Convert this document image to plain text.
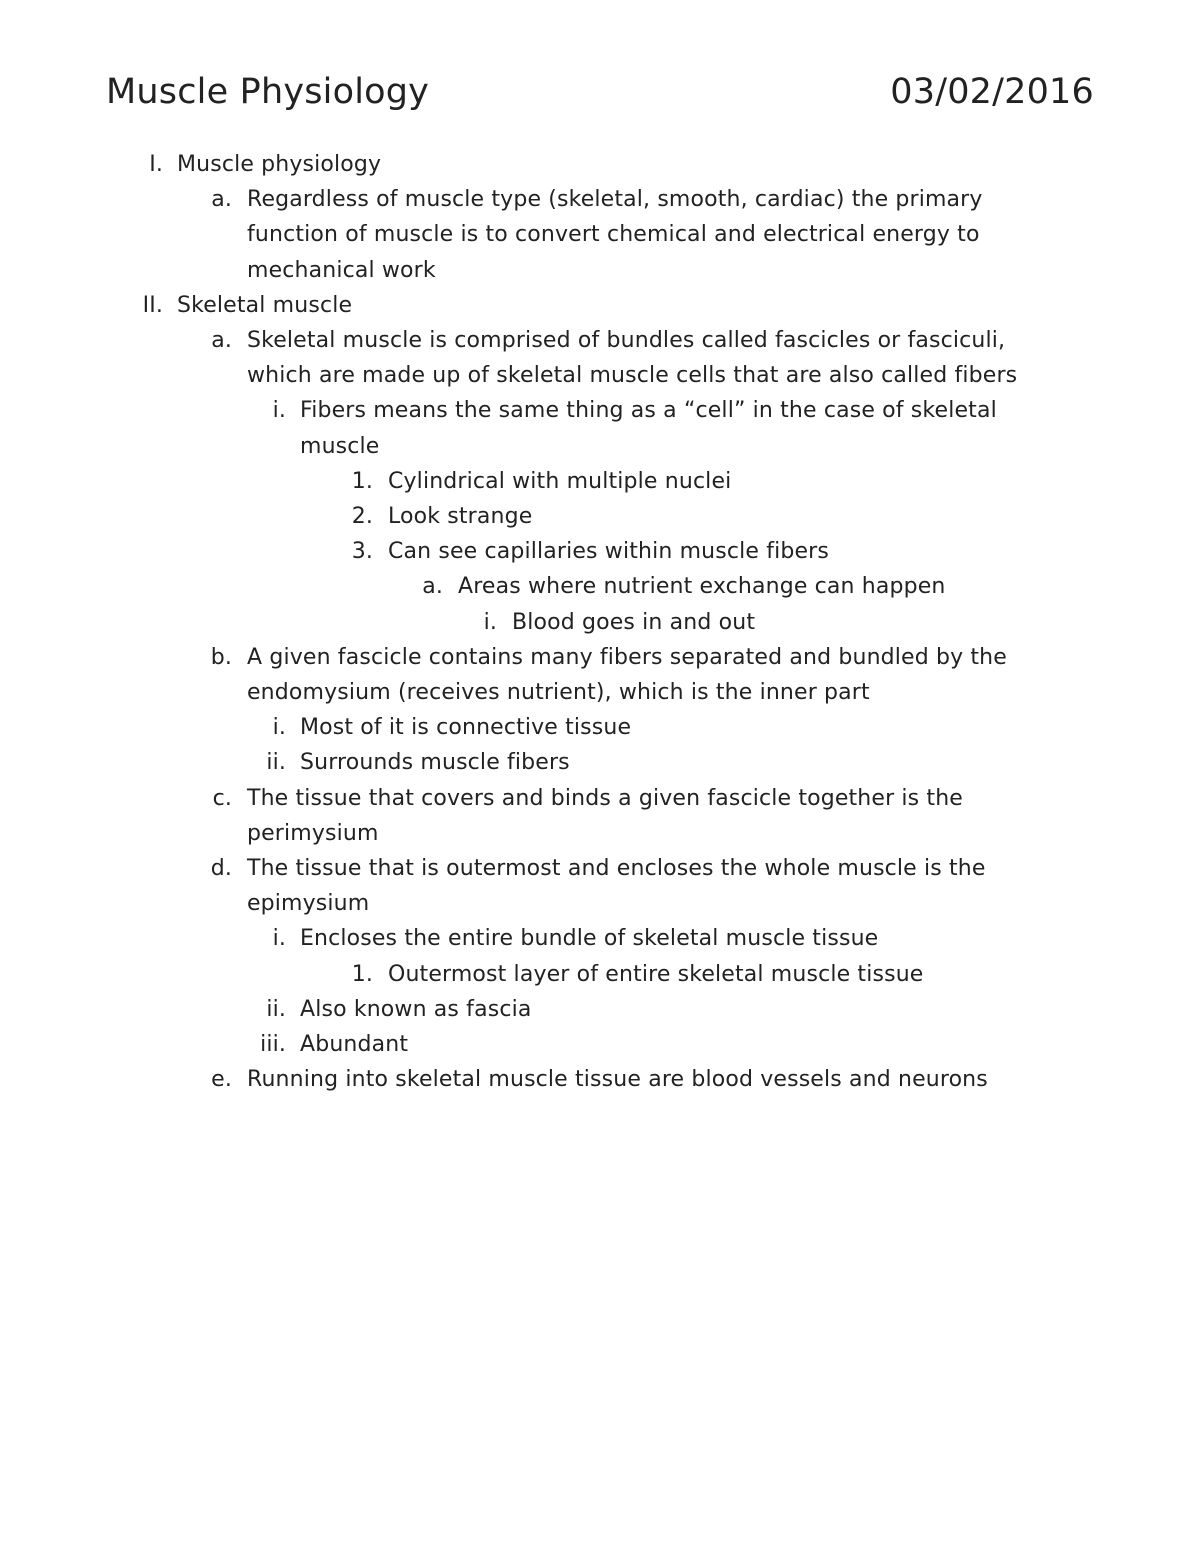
Muscle Physiology	03/02/2016
I. Muscle physiology
a. Regardless of muscle type (skeletal, smooth, cardiac) the primary function of muscle is to convert chemical and electrical energy to mechanical work
II. Skeletal muscle
a. Skeletal muscle is comprised of bundles called fascicles or fasciculi, which are made up of skeletal muscle cells that are also called fibers
i. Fibers means the same thing as a “cell” in the case of skeletal muscle
1. Cylindrical with multiple nuclei
2. Look strange
3. Can see capillaries within muscle fibers
a. Areas where nutrient exchange can happen
i. Blood goes in and out
b. A given fascicle contains many fibers separated and bundled by the endomysium (receives nutrient), which is the inner part
i. Most of it is connective tissue
ii. Surrounds muscle fibers
c. The tissue that covers and binds a given fascicle together is the perimysium
d. The tissue that is outermost and encloses the whole muscle is the epimysium
i. Encloses the entire bundle of skeletal muscle tissue
1. Outermost layer of entire skeletal muscle tissue
ii. Also known as fascia
iii. Abundant
e. Running into skeletal muscle tissue are blood vessels and neurons
